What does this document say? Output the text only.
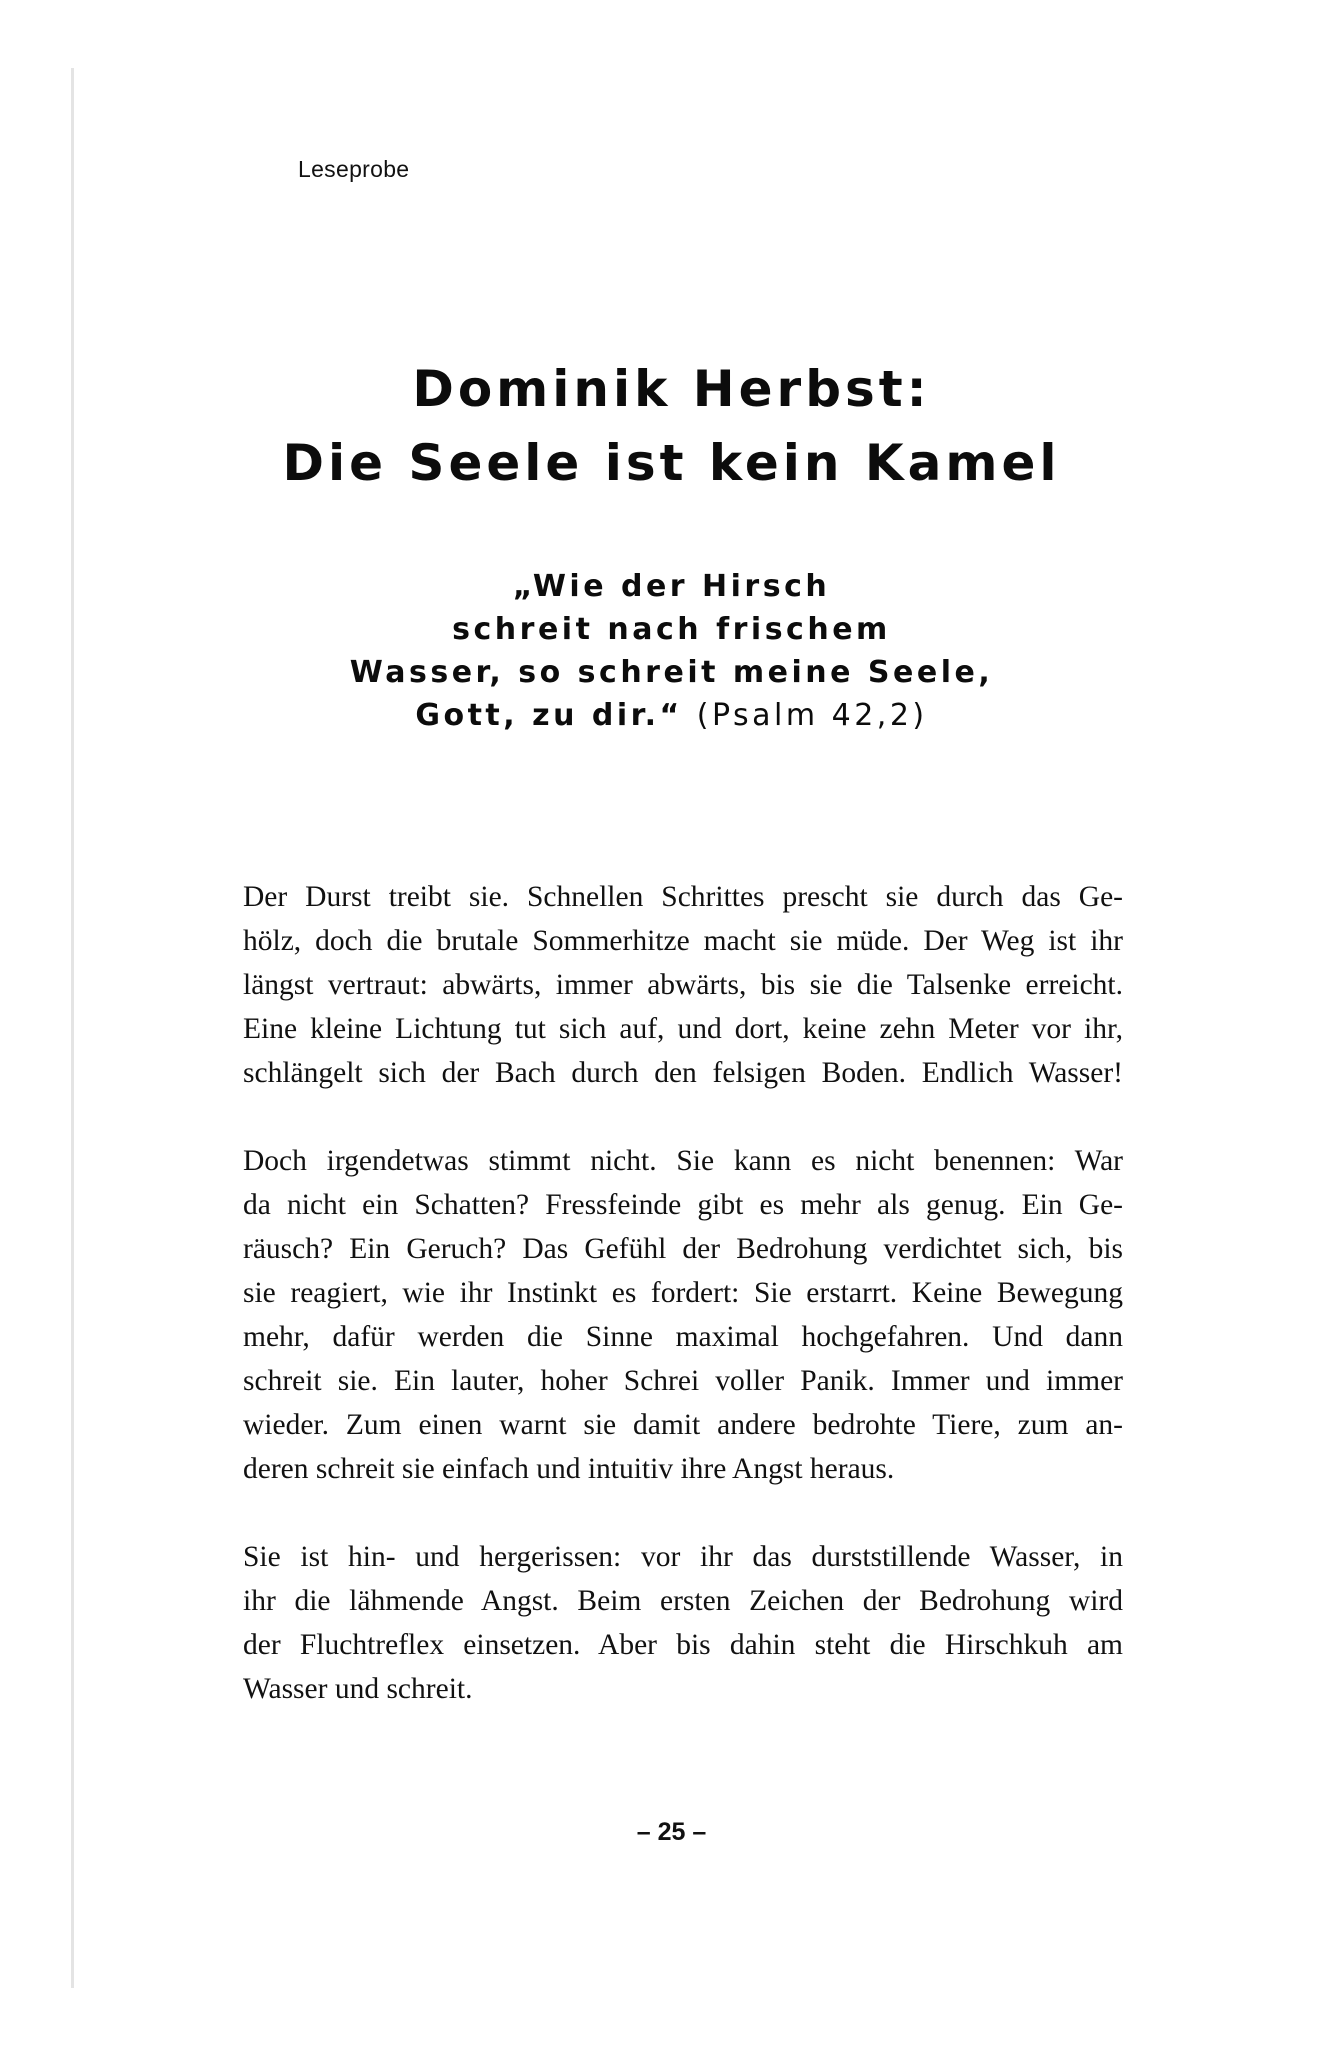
Leseprobe
Dominik Herbst:
Die Seele ist kein Kamel
„Wie der Hirsch
schreit nach frischem
Wasser, so schreit meine Seele,
Gott, zu dir.“ (Psalm 42,2)
Der Durst treibt sie. Schnellen Schrittes prescht sie durch das Ge-
hölz, doch die brutale Sommerhitze macht sie müde. Der Weg ist ihr
längst vertraut: abwärts, immer abwärts, bis sie die Talsenke erreicht.
Eine kleine Lichtung tut sich auf, und dort, keine zehn Meter vor ihr,
schlängelt sich der Bach durch den felsigen Boden. Endlich Wasser!
Doch irgendetwas stimmt nicht. Sie kann es nicht benennen: War
da nicht ein Schatten? Fressfeinde gibt es mehr als genug. Ein Ge-
räusch? Ein Geruch? Das Gefühl der Bedrohung verdichtet sich, bis
sie reagiert, wie ihr Instinkt es fordert: Sie erstarrt. Keine Bewegung
mehr, dafür werden die Sinne maximal hochgefahren. Und dann
schreit sie. Ein lauter, hoher Schrei voller Panik. Immer und immer
wieder. Zum einen warnt sie damit andere bedrohte Tiere, zum an-
deren schreit sie einfach und intuitiv ihre Angst heraus.
Sie ist hin- und hergerissen: vor ihr das durststillende Wasser, in
ihr die lähmende Angst. Beim ersten Zeichen der Bedrohung wird
der Fluchtreflex einsetzen. Aber bis dahin steht die Hirschkuh am
Wasser und schreit.
– 25 –
